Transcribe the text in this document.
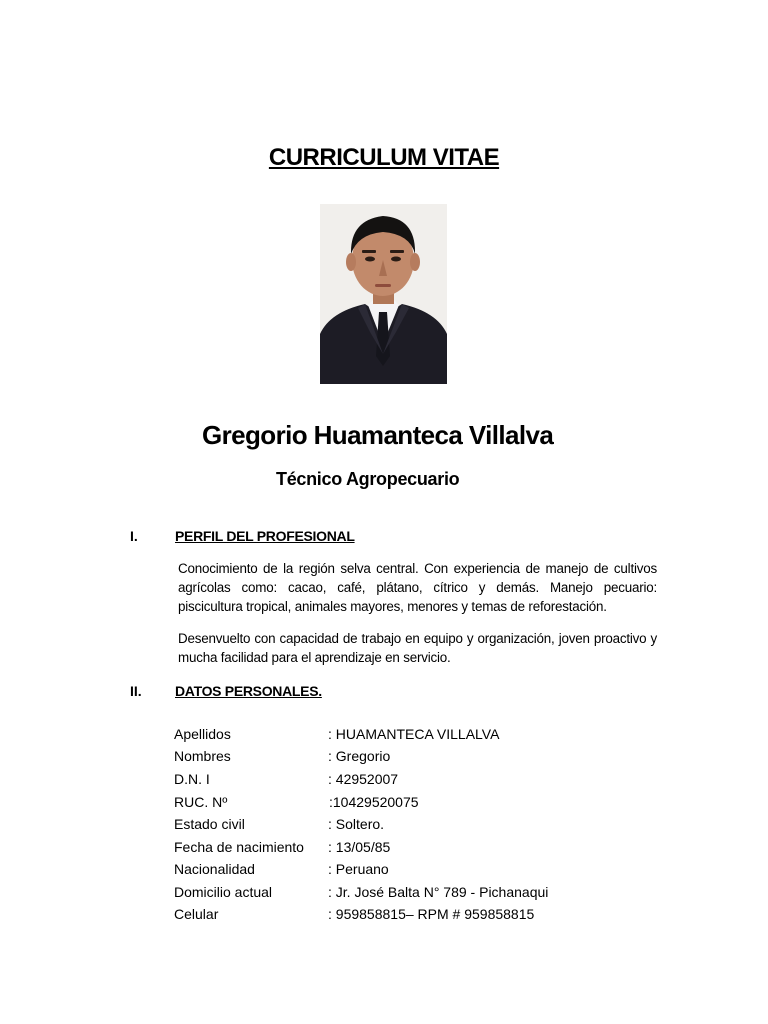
CURRICULUM VITAE
Gregorio Huamanteca Villalva
Técnico Agropecuario
I.	PERFIL DEL PROFESIONAL
Conocimiento de la región selva central. Con experiencia de manejo de cultivos agrícolas como: cacao, café, plátano, cítrico y demás. Manejo pecuario: piscicultura tropical, animales mayores, menores y temas de reforestación.
Desenvuelto con capacidad de trabajo en equipo y organización, joven proactivo y mucha facilidad para el aprendizaje en servicio.
II. DATOS PERSONALES.
Apellidos	: HUAMANTECA VILLALVA
Nombres	: Gregorio
D.N. I	: 42952007
RUC. Nº	:10429520075
Estado civil	: Soltero.
Fecha de nacimiento : 13/05/85
Nacionalidad	: Peruano
Domicilio actual	: Jr. José Balta N° 789 - Pichanaqui
Celular	: 959858815– RPM # 959858815
